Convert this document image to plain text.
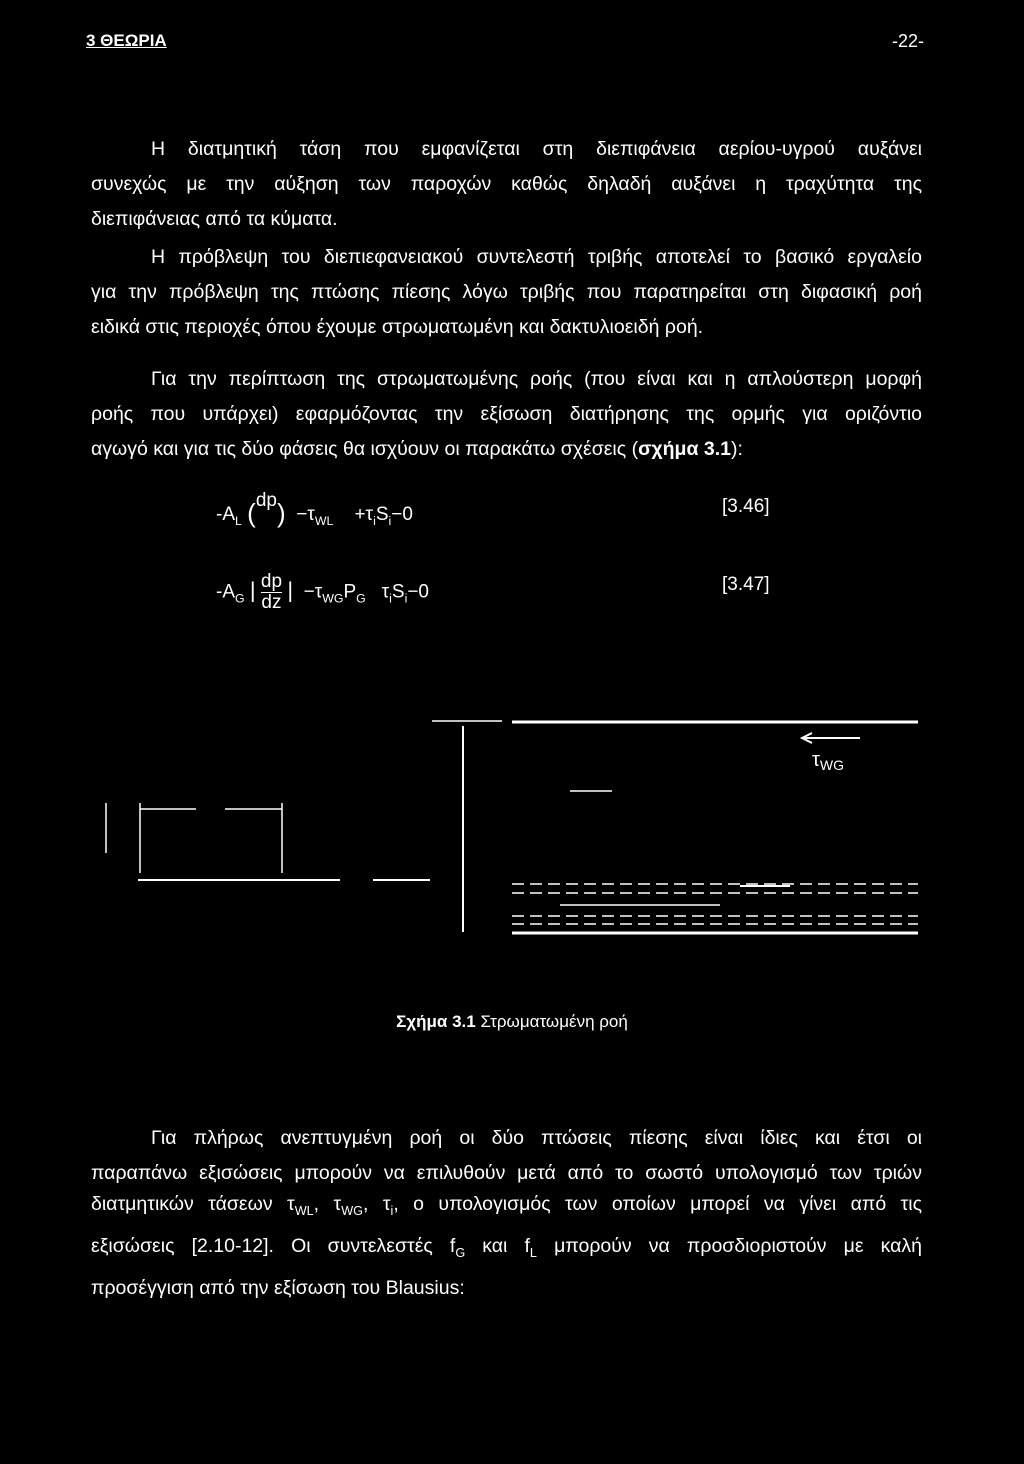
3 ΘΕΩΡΙΑ	-22-
Η διατμητική τάση που εμφανίζεται στη διεπιφάνεια αερίου-υγρού αυξάνει
συνεχώς με την αύξηση των παροχών καθώς δηλαδή αυξάνει η τραχύτητα της
διεπιφάνειας από τα κύματα.
Η πρόβλεψη του διεπιεφανειακού συντελεστή τριβής αποτελεί το βασικό εργαλείο
για την πρόβλεψη της πτώσης πίεσης λόγω τριβής που παρατηρείται στη διφασική ροή
ειδικά στις περιοχές όπου έχουμε στρωματωμένη και δακτυλιοειδή ροή.
Για την περίπτωση της στρωματωμένης ροής (που είναι και η απλούστερη μορφή
ροής που υπάρχει) εφαρμόζοντας την εξίσωση διατήρησης της ορμής για οριζόντιο
αγωγό και για τις δύο φάσεις θα ισχύουν οι παρακάτω σχέσεις (σχήμα 3.1):
$-A_L$ $(dp) -\tau_{WL} +\tau_iS_i-0$	[3.46]
$-A_G$ | $\frac{dp}{dz}$ | $-\tau_{WG}P_G$ $\tau_iS_i-0$	[3.47]
$\tau_{WG}$
Σχήμα 3.1 Στρωματωμένη ροή
Για πλήρως ανεπτυγμένη ροή οι δύο πτώσεις πίεσης είναι ίδιες και έτσι οι
παραπάνω εξισώσεις μπορούν να επιλυθούν μετά από το σωστό υπολογισμό των τριών
διατμητικών τάσεων $\tau_{WL}$, $\tau_{WG}$, $\tau_i$, ο υπολογισμός των οποίων μπορεί να γίνει από τις
εξισώσεις [2.10-12]. Οι συντελεστές $f_G$ και $f_L$ μπορούν να προσδιοριστούν με καλή
προσέγγιση από την εξίσωση του Blausius:
